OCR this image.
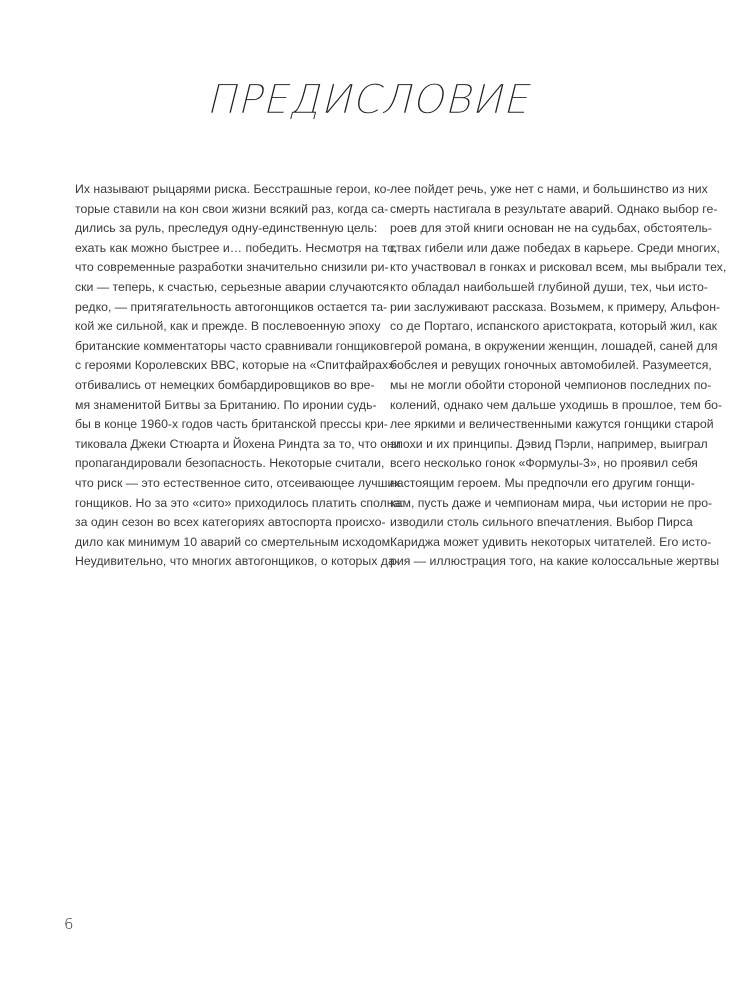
ПРЕДИСЛОВИЕ
Их называют рыцарями риска. Бесстрашные герои, ко-
торые ставили на кон свои жизни всякий раз, когда са-
дились за руль, преследуя одну-единственную цель:
ехать как можно быстрее и… победить. Несмотря на то,
что современные разработки значительно снизили ри-
ски — теперь, к счастью, серьезные аварии случаются
редко, — притягательность автогонщиков остается та-
кой же сильной, как и прежде. В послевоенную эпоху
британские комментаторы часто сравнивали гонщиков
с героями Королевских ВВС, которые на «Спитфайрах»
отбивались от немецких бомбардировщиков во вре-
мя знаменитой Битвы за Британию. По иронии судь-
бы в конце 1960-х годов часть британской прессы кри-
тиковала Джеки Стюарта и Йохена Риндта за то, что они
пропагандировали безопасность. Некоторые считали,
что риск — это естественное сито, отсеивающее лучших
гонщиков. Но за это «сито» приходилось платить сполна:
за один сезон во всех категориях автоспорта происхо-
дило как минимум 10 аварий со смертельным исходом.
Неудивительно, что многих автогонщиков, о которых да-
лее пойдет речь, уже нет с нами, и большинство из них
смерть настигала в результате аварий. Однако выбор ге-
роев для этой книги основан не на судьбах, обстоятель-
ствах гибели или даже победах в карьере. Среди многих,
кто участвовал в гонках и рисковал всем, мы выбрали тех,
кто обладал наибольшей глубиной души, тех, чьи исто-
рии заслуживают рассказа. Возьмем, к примеру, Альфон-
со де Портаго, испанского аристократа, который жил, как
герой романа, в окружении женщин, лошадей, саней для
бобслея и ревущих гоночных автомобилей. Разумеется,
мы не могли обойти стороной чемпионов последних по-
колений, однако чем дальше уходишь в прошлое, тем бо-
лее яркими и величественными кажутся гонщики старой
эпохи и их принципы. Дэвид Пэрли, например, выиграл
всего несколько гонок «Формулы-3», но проявил себя
настоящим героем. Мы предпочли его другим гонщи-
кам, пусть даже и чемпионам мира, чьи истории не про-
изводили столь сильного впечатления. Выбор Пирса
Кариджа может удивить некоторых читателей. Его исто-
рия — иллюстрация того, на какие колоссальные жертвы
6
